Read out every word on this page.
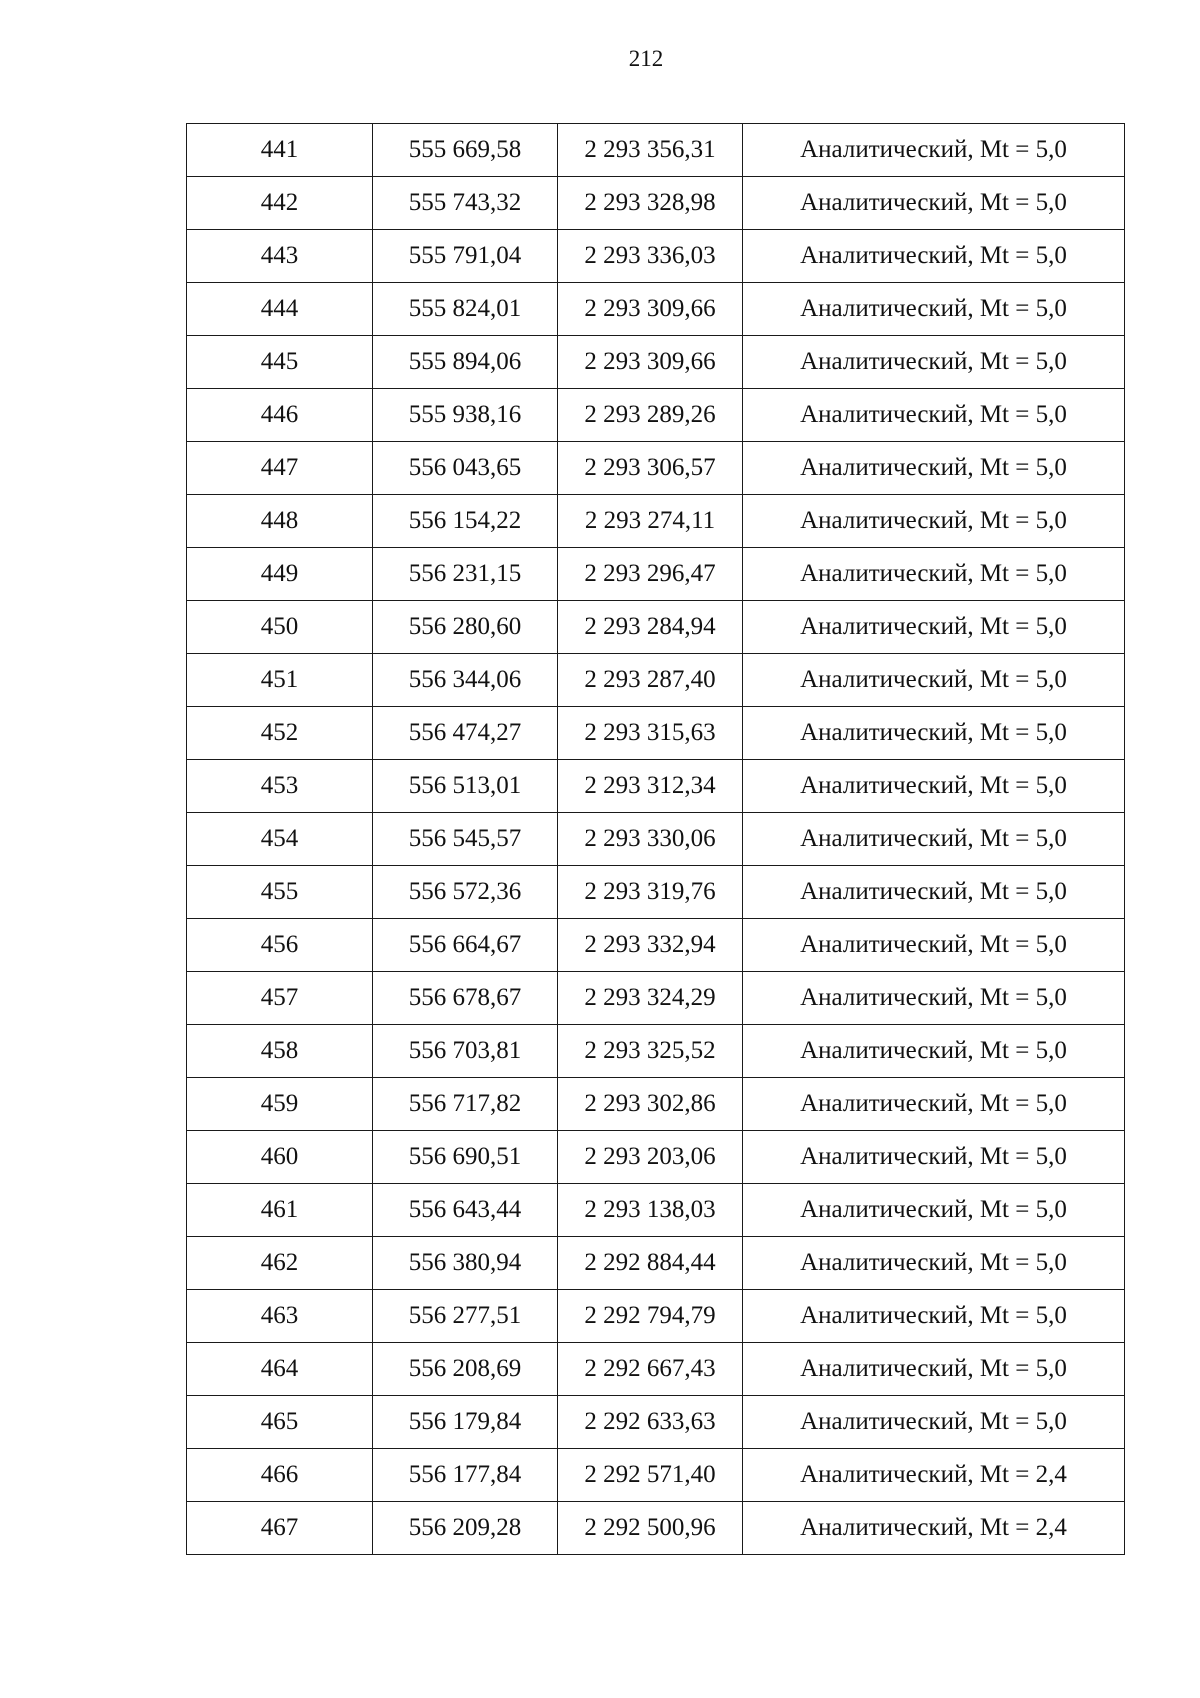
212
441	555 669,58	2 293 356,31	Аналитический, Mt = 5,0
442	555 743,32	2 293 328,98	Аналитический, Mt = 5,0
443	555 791,04	2 293 336,03	Аналитический, Mt = 5,0
444	555 824,01	2 293 309,66	Аналитический, Mt = 5,0
445	555 894,06	2 293 309,66	Аналитический, Mt = 5,0
446	555 938,16	2 293 289,26	Аналитический, Mt = 5,0
447	556 043,65	2 293 306,57	Аналитический, Mt = 5,0
448	556 154,22	2 293 274,11	Аналитический, Mt = 5,0
449	556 231,15	2 293 296,47	Аналитический, Mt = 5,0
450	556 280,60	2 293 284,94	Аналитический, Mt = 5,0
451	556 344,06	2 293 287,40	Аналитический, Mt = 5,0
452	556 474,27	2 293 315,63	Аналитический, Mt = 5,0
453	556 513,01	2 293 312,34	Аналитический, Mt = 5,0
454	556 545,57	2 293 330,06	Аналитический, Mt = 5,0
455	556 572,36	2 293 319,76	Аналитический, Mt = 5,0
456	556 664,67	2 293 332,94	Аналитический, Mt = 5,0
457	556 678,67	2 293 324,29	Аналитический, Mt = 5,0
458	556 703,81	2 293 325,52	Аналитический, Mt = 5,0
459	556 717,82	2 293 302,86	Аналитический, Mt = 5,0
460	556 690,51	2 293 203,06	Аналитический, Mt = 5,0
461	556 643,44	2 293 138,03	Аналитический, Mt = 5,0
462	556 380,94	2 292 884,44	Аналитический, Mt = 5,0
463	556 277,51	2 292 794,79	Аналитический, Mt = 5,0
464	556 208,69	2 292 667,43	Аналитический, Mt = 5,0
465	556 179,84	2 292 633,63	Аналитический, Mt = 5,0
466	556 177,84	2 292 571,40	Аналитический, Mt = 2,4
467	556 209,28	2 292 500,96	Аналитический, Mt = 2,4
